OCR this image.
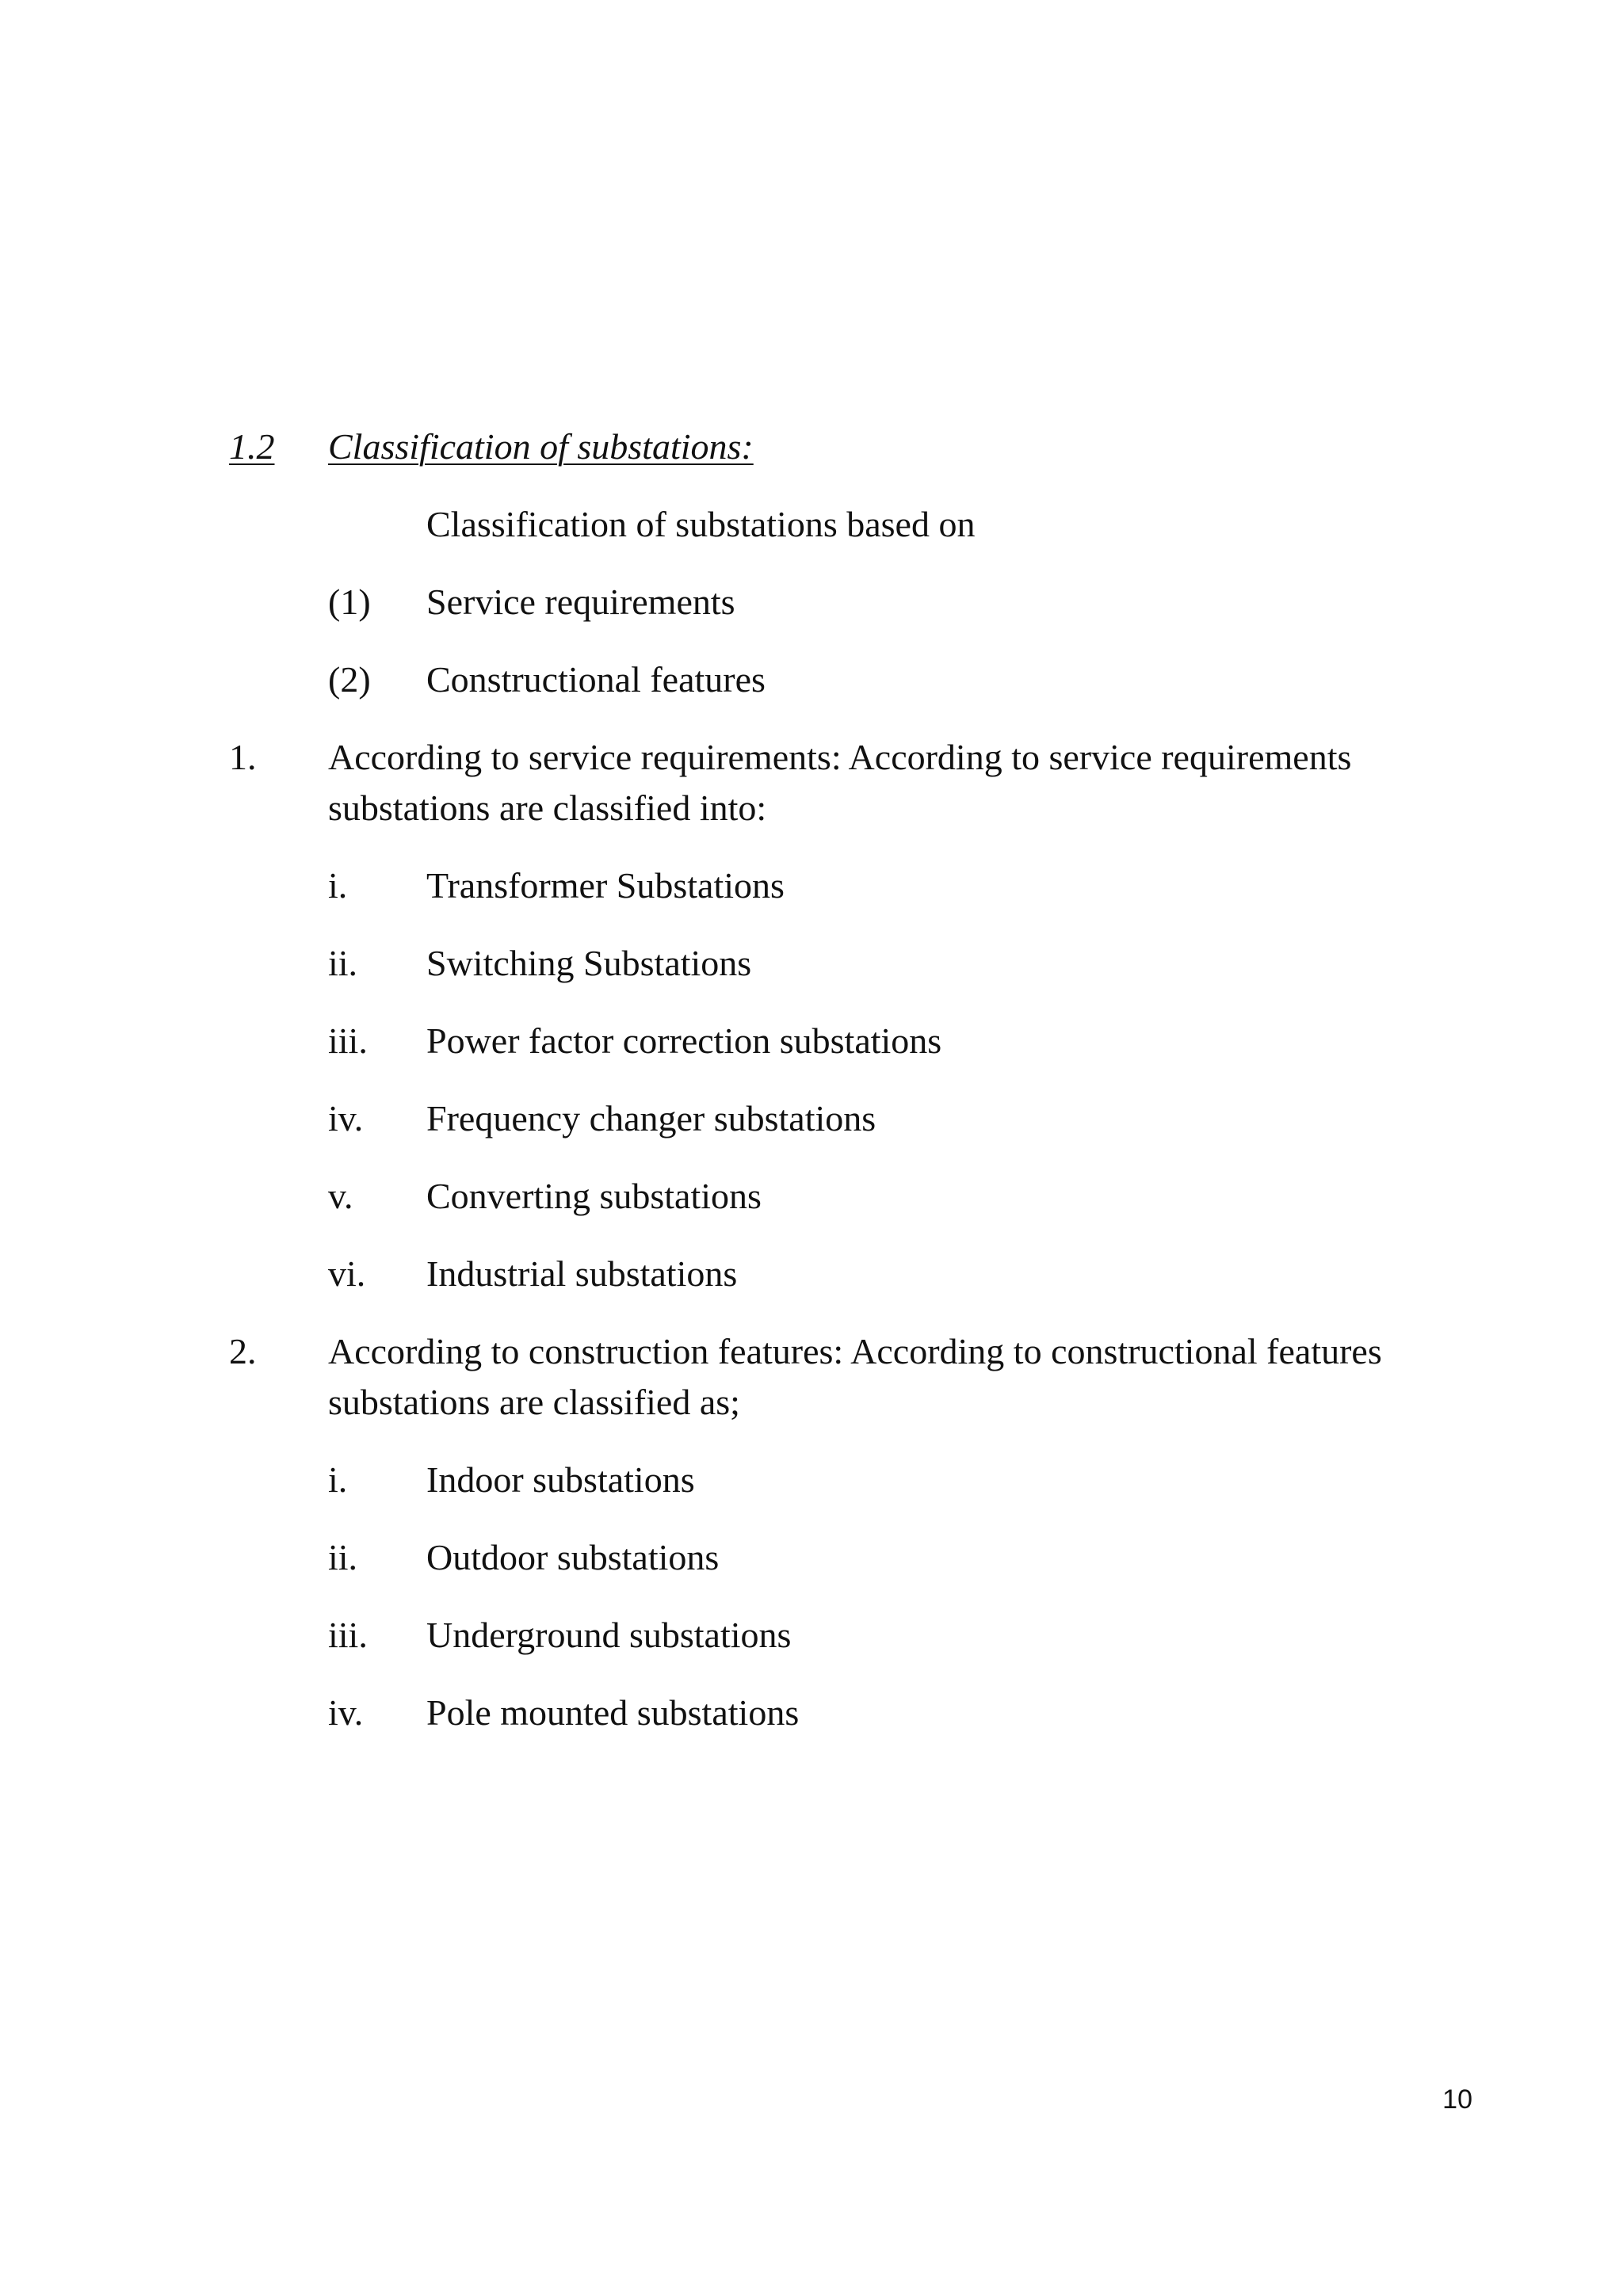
1.2 Classification of substations:
Classification of substations based on
(1) Service requirements
(2) Constructional features
1. According to service requirements: According to service requirements
substations are classified into:
i. Transformer Substations
ii. Switching Substations
iii. Power factor correction substations
iv. Frequency changer substations
v. Converting substations
vi. Industrial substations
2. According to construction features: According to constructional features
substations are classified as;
i. Indoor substations
ii. Outdoor substations
iii. Underground substations
iv. Pole mounted substations
10
